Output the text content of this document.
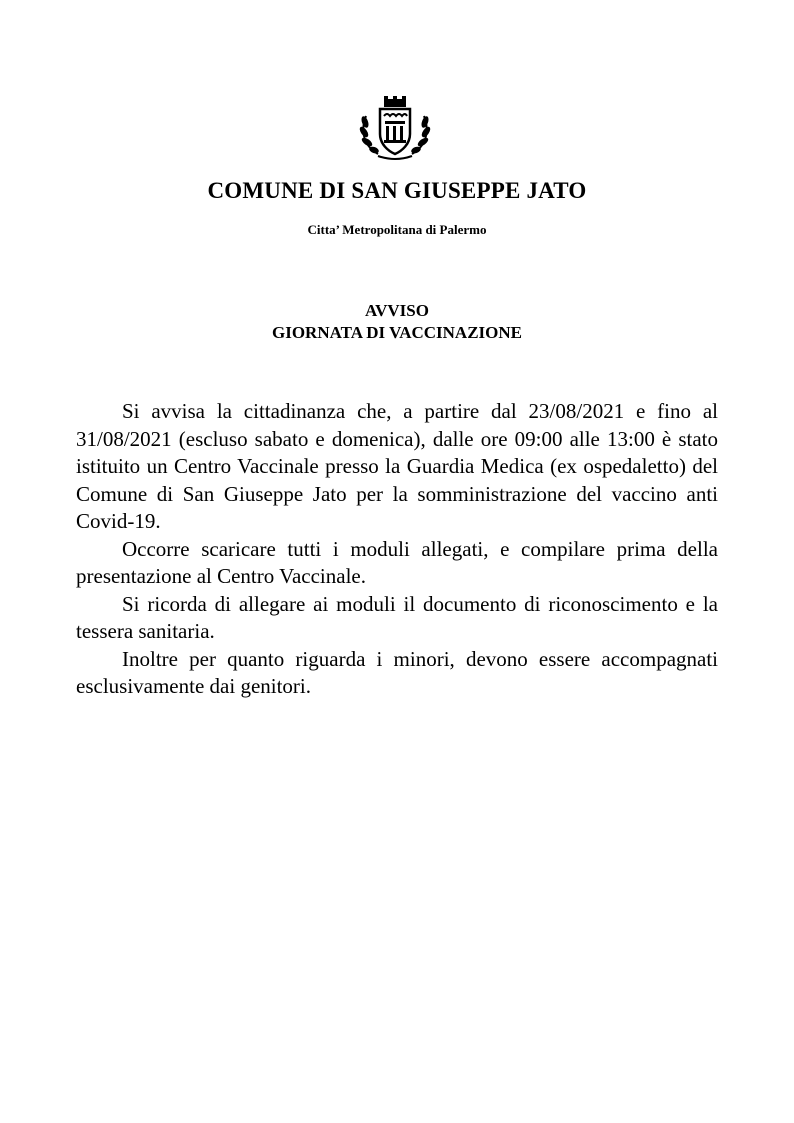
COMUNE DI SAN GIUSEPPE JATO
Citta’ Metropolitana di Palermo
AVVISO
GIORNATA DI VACCINAZIONE

Si avvisa la cittadinanza che, a partire dal 23/08/2021 e fino al 31/08/2021 (escluso sabato e domenica), dalle ore 09:00 alle 13:00 è stato istituito un Centro Vaccinale presso la Guardia Medica (ex ospedaletto) del Comune di San Giuseppe Jato per la somministrazione del vaccino anti Covid-19.

Occorre scaricare tutti i moduli allegati, e compilare prima della presentazione al Centro Vaccinale.

Si ricorda di allegare ai moduli il documento di riconoscimento e la tessera sanitaria.

Inoltre per quanto riguarda i minori, devono essere accompagnati esclusivamente dai genitori.
